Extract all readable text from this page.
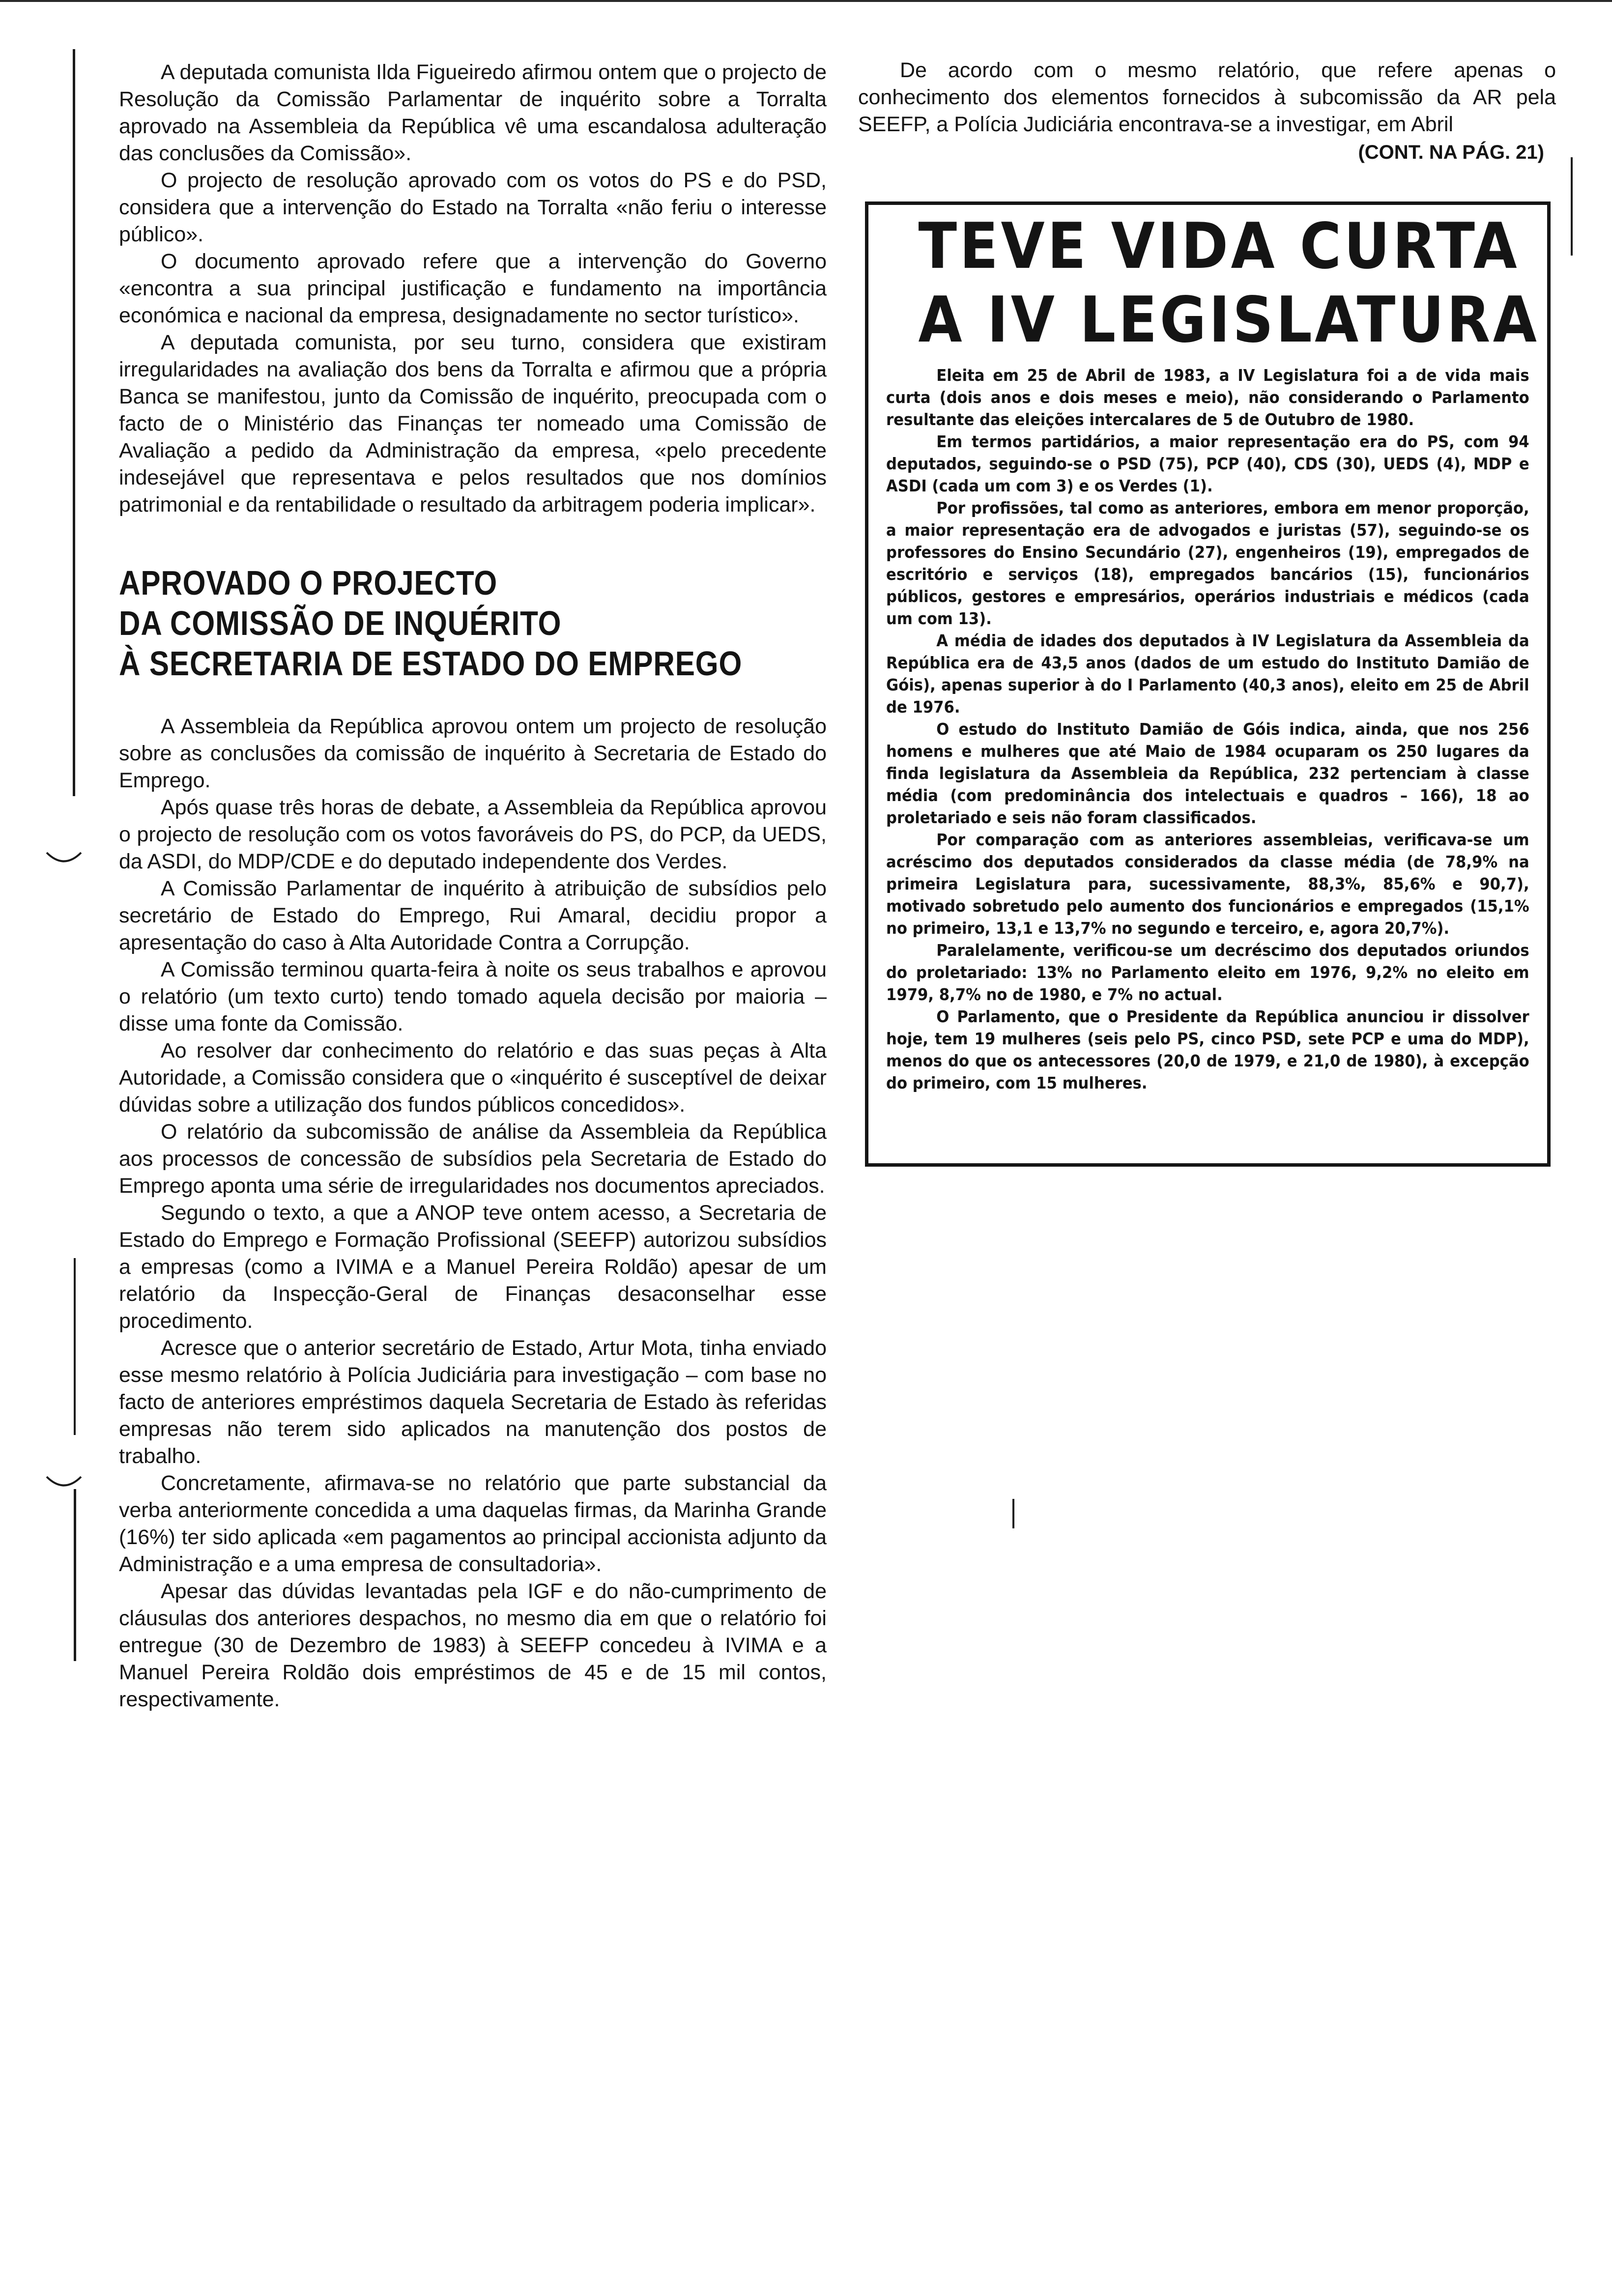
A deputada comunista Ilda Figueiredo afirmou ontem que o projecto de Resolução da Comissão Parlamentar de inquérito sobre a Torralta aprovado na Assembleia da República vê uma escandalosa adulteração das conclusões da Comissão».

O projecto de resolução aprovado com os votos do PS e do PSD, considera que a intervenção do Estado na Torralta «não feriu o interesse público».

O documento aprovado refere que a intervenção do Governo «encontra a sua principal justificação e fundamento na importância económica e nacional da empresa, designadamente no sector turístico».

A deputada comunista, por seu turno, considera que existiram irregularidades na avaliação dos bens da Torralta e afirmou que a própria Banca se manifestou, junto da Comissão de inquérito, preocupada com o facto de o Ministério das Finanças ter nomeado uma Comissão de Avaliação a pedido da Administração da empresa, «pelo precedente indesejável que representava e pelos resultados que nos domínios patrimonial e da rentabilidade o resultado da arbitragem poderia implicar».

APROVADO O PROJECTO
DA COMISSÃO DE INQUÉRITO
À SECRETARIA DE ESTADO DO EMPREGO

A Assembleia da República aprovou ontem um projecto de resolução sobre as conclusões da comissão de inquérito à Secretaria de Estado do Emprego.

Após quase três horas de debate, a Assembleia da República aprovou o projecto de resolução com os votos favoráveis do PS, do PCP, da UEDS, da ASDI, do MDP/CDE e do deputado independente dos Verdes.

A Comissão Parlamentar de inquérito à atribuição de subsídios pelo secretário de Estado do Emprego, Rui Amaral, decidiu propor a apresentação do caso à Alta Autoridade Contra a Corrupção.

A Comissão terminou quarta-feira à noite os seus trabalhos e aprovou o relatório (um texto curto) tendo tomado aquela decisão por maioria – disse uma fonte da Comissão.

Ao resolver dar conhecimento do relatório e das suas peças à Alta Autoridade, a Comissão considera que o «inquérito é susceptível de deixar dúvidas sobre a utilização dos fundos públicos concedidos».

O relatório da subcomissão de análise da Assembleia da República aos processos de concessão de subsídios pela Secretaria de Estado do Emprego aponta uma série de irregularidades nos documentos apreciados.

Segundo o texto, a que a ANOP teve ontem acesso, a Secretaria de Estado do Emprego e Formação Profissional (SEEFP) autorizou subsídios a empresas (como a IVIMA e a Manuel Pereira Roldão) apesar de um relatório da Inspecção-Geral de Finanças desaconselhar esse procedimento.

Acresce que o anterior secretário de Estado, Artur Mota, tinha enviado esse mesmo relatório à Polícia Judiciária para investigação – com base no facto de anteriores empréstimos daquela Secretaria de Estado às referidas empresas não terem sido aplicados na manutenção dos postos de trabalho.

Concretamente, afirmava-se no relatório que parte substancial da verba anteriormente concedida a uma daquelas firmas, da Marinha Grande (16%) ter sido aplicada «em pagamentos ao principal accionista adjunto da Administração e a uma empresa de consultadoria».

Apesar das dúvidas levantadas pela IGF e do não-cumprimento de cláusulas dos anteriores despachos, no mesmo dia em que o relatório foi entregue (30 de Dezembro de 1983) à SEEFP concedeu à IVIMA e a Manuel Pereira Roldão dois empréstimos de 45 e de 15 mil contos, respectivamente.

De acordo com o mesmo relatório, que refere apenas o conhecimento dos elementos fornecidos à subcomissão da AR pela SEEFP, a Polícia Judiciária encontrava-se a investigar, em Abril

(CONT. NA PÁG. 21)
TEVE VIDA CURTA
A IV LEGISLATURA

Eleita em 25 de Abril de 1983, a IV Legislatura foi a de vida mais curta (dois anos e dois meses e meio), não considerando o Parlamento resultante das eleições intercalares de 5 de Outubro de 1980.

Em termos partidários, a maior representação era do PS, com 94 deputados, seguindo-se o PSD (75), PCP (40), CDS (30), UEDS (4), MDP e ASDI (cada um com 3) e os Verdes (1).

Por profissões, tal como as anteriores, embora em menor proporção, a maior representação era de advogados e juristas (57), seguindo-se os professores do Ensino Secundário (27), engenheiros (19), empregados de escritório e serviços (18), empregados bancários (15), funcionários públicos, gestores e empresários, operários industriais e médicos (cada um com 13).

A média de idades dos deputados à IV Legislatura da Assembleia da República era de 43,5 anos (dados de um estudo do Instituto Damião de Góis), apenas superior à do I Parlamento (40,3 anos), eleito em 25 de Abril de 1976.

O estudo do Instituto Damião de Góis indica, ainda, que nos 256 homens e mulheres que até Maio de 1984 ocuparam os 250 lugares da finda legislatura da Assembleia da República, 232 pertenciam à classe média (com predominância dos intelectuais e quadros – 166), 18 ao proletariado e seis não foram classificados.

Por comparação com as anteriores assembleias, verificava-se um acréscimo dos deputados considerados da classe média (de 78,9% na primeira Legislatura para, sucessivamente, 88,3%, 85,6% e 90,7), motivado sobretudo pelo aumento dos funcionários e empregados (15,1% no primeiro, 13,1 e 13,7% no segundo e terceiro, e, agora 20,7%).

Paralelamente, verificou-se um decréscimo dos deputados oriundos do proletariado: 13% no Parlamento eleito em 1976, 9,2% no eleito em 1979, 8,7% no de 1980, e 7% no actual.

O Parlamento, que o Presidente da República anunciou ir dissolver hoje, tem 19 mulheres (seis pelo PS, cinco PSD, sete PCP e uma do MDP), menos do que os antecessores (20,0 de 1979, e 21,0 de 1980), à excepção do primeiro, com 15 mulheres.
